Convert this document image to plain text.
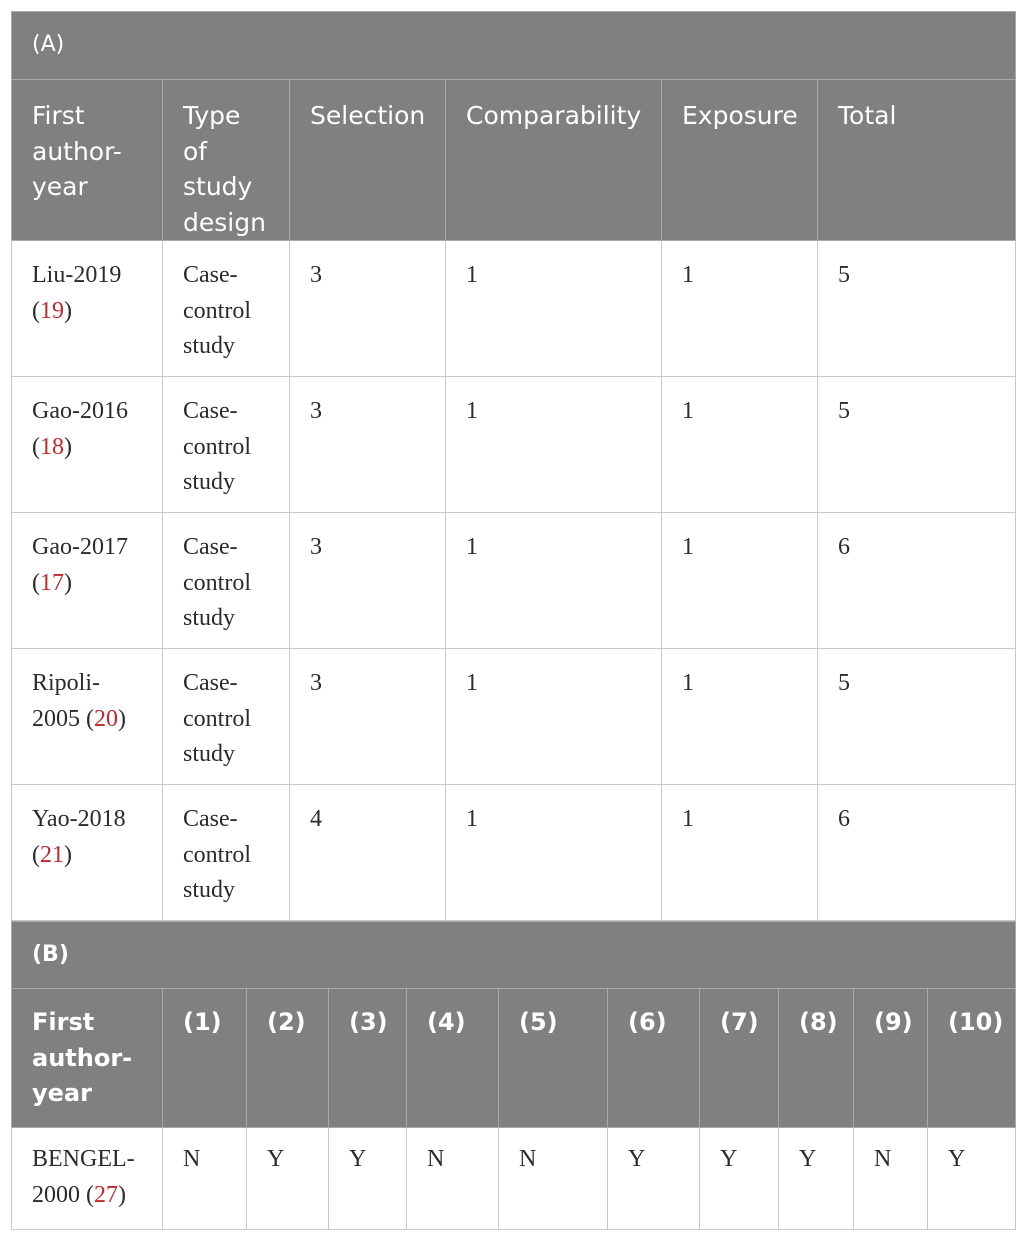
(A)					
First author-year	Type of study design	Selection	Comparability	Exposure	Total
Liu-2019 (19)	Case-control study	3	1	1	5
Gao-2016 (18)	Case-control study	3	1	1	5
Gao-2017 (17)	Case-control study	3	1	1	6
Ripoli-2005 (20)	Case-control study	3	1	1	5
Yao-2018 (21)	Case-control study	4	1	1	6
(B)										
First author-year	(1)	(2)	(3)	(4)	(5)	(6)	(7)	(8)	(9)	(10)
BENGEL-2000 (27)	N	Y	Y	N	N	Y	Y	Y	N	Y
